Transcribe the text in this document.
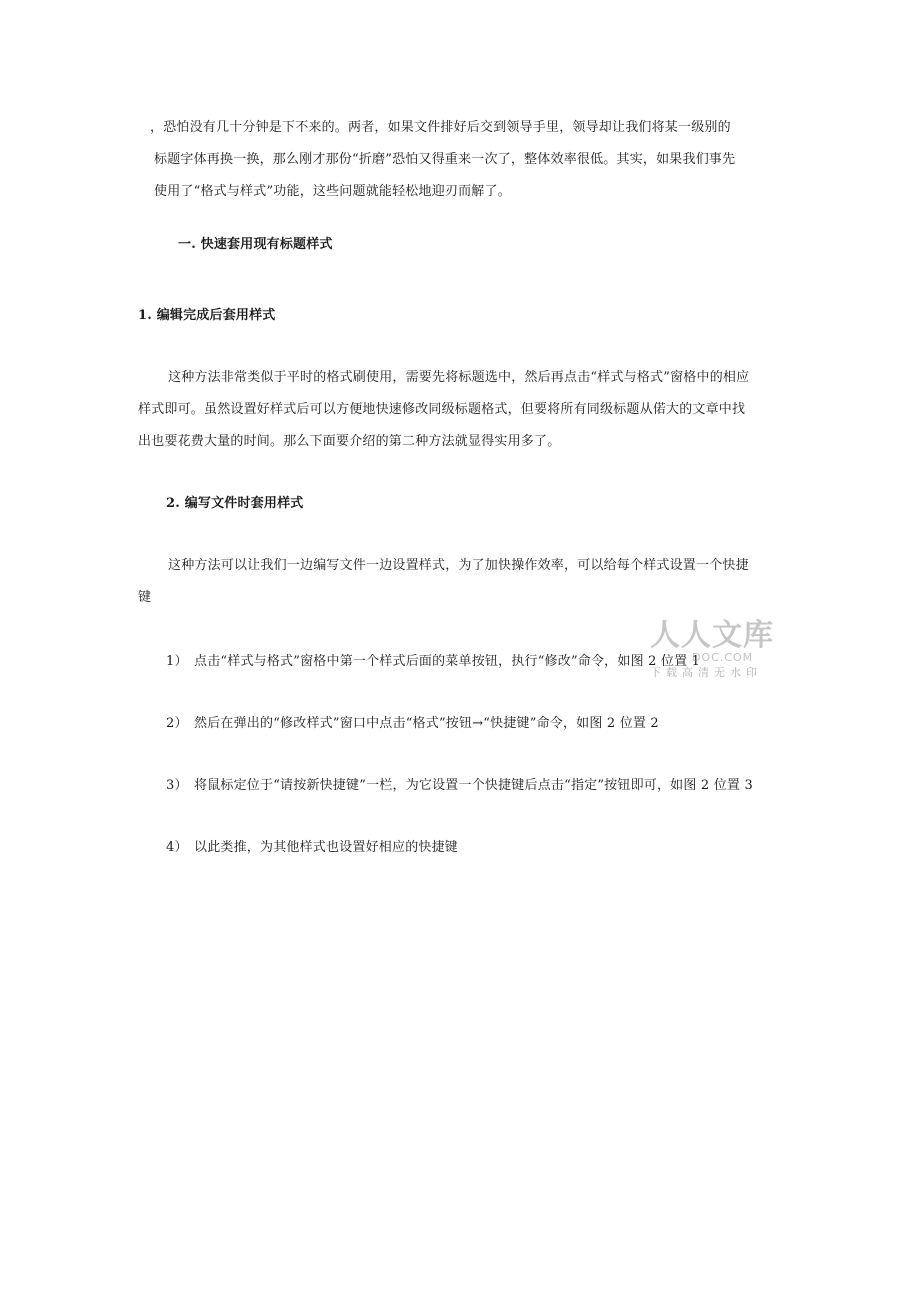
，恐怕没有几十分钟是下不来的。两者，如果文件排好后交到领导手里，领导却让我们将某一级别的
标题字体再换一换，那么刚才那份“折磨”恐怕又得重来一次了，整体效率很低。其实，如果我们事先
使用了“格式与样式”功能，这些问题就能轻松地迎刃而解了。
一. 快速套用现有标题样式
1. 编辑完成后套用样式
这种方法非常类似于平时的格式刷使用，需要先将标题选中，然后再点击“样式与格式”窗格中的相应
样式即可。虽然设置好样式后可以方便地快速修改同级标题格式，但要将所有同级标题从偌大的文章中找
出也要花费大量的时间。那么下面要介绍的第二种方法就显得实用多了。
2. 编写文件时套用样式
这种方法可以让我们一边编写文件一边设置样式，为了加快操作效率，可以给每个样式设置一个快捷
键
1） 点击“样式与格式”窗格中第一个样式后面的菜单按钮，执行“修改”命令，如图 2 位置 1
2） 然后在弹出的“修改样式”窗口中点击“格式”按钮→“快捷键”命令，如图 2 位置 2
3） 将鼠标定位于“请按新快捷键”一栏，为它设置一个快捷键后点击“指定”按钮即可，如图 2 位置 3
4） 以此类推，为其他样式也设置好相应的快捷键
人人文库
DOC.COM
下载高清无水印
